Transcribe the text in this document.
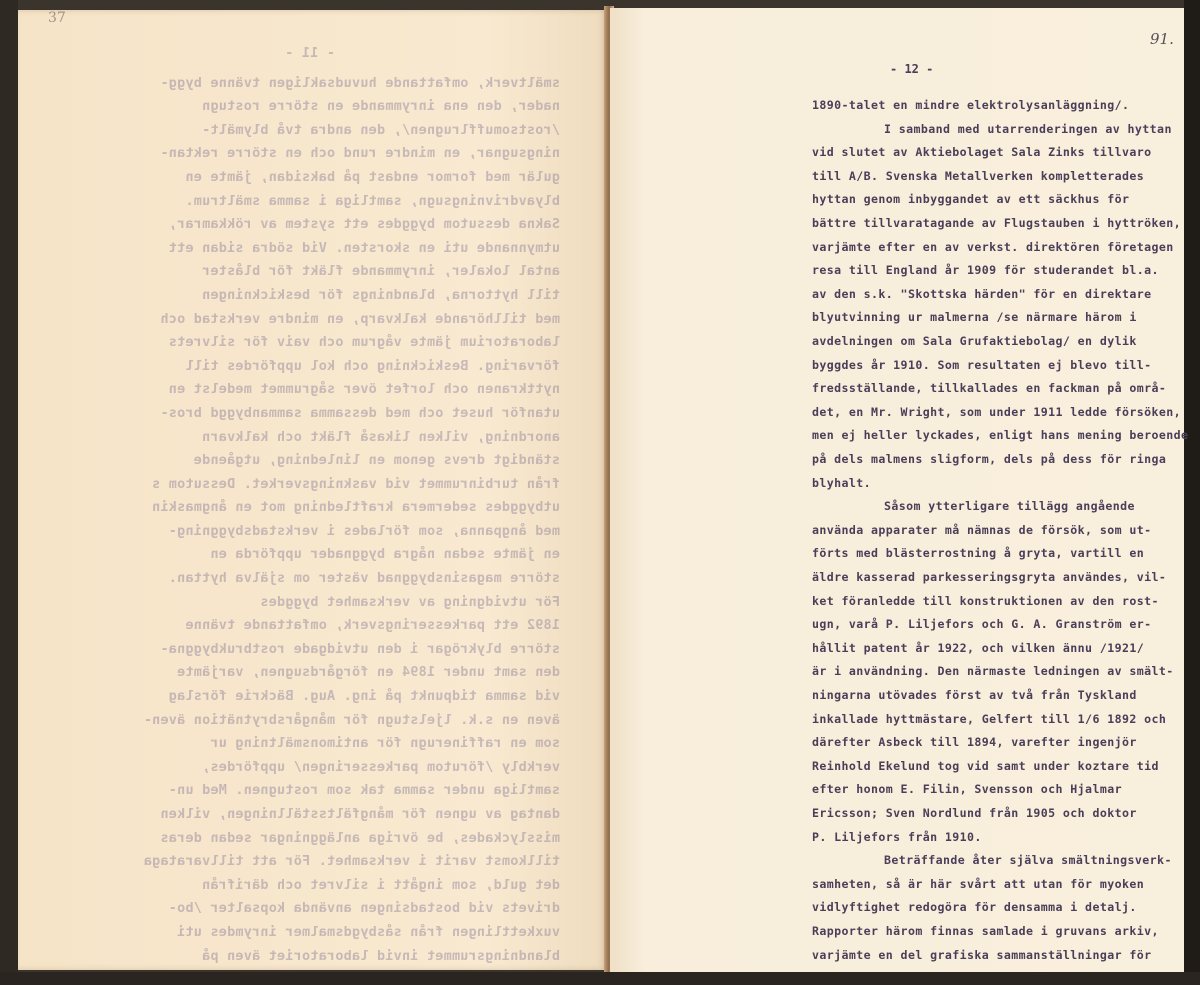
37
- 11 -
smältverk, omfattande huvudsakligen tvänne bygg-
nader, den ena inrymmande en större rostugn
/rostsomufflrugnen/, den andra två blymält-
ningsugnar, en mindre rund och en större rektan-
gulär med formor endast på baksidan, jämte en
blyavdrivningsugn, samtliga i samma smältrum.
Sakna dessutom byggdes ett system av rökkamrar,
utmynnande uti en skorsten. Vid södra sidan ett
antal lokaler, inrymmande fläkt för blåster
till hyttorna, blandnings för beskickningen
med tillhörande kalkvarp, en mindre verkstad och
laboratorium jämte vågrum och vaiv för silvrets
förvaring. Beskickning och kol uppfördes till
nyttkranen och lorfet över sågrummet medelst en
utanför huset och med dessamma sammanbyggd bros-
anordning, vilken likaså fläkt och kalkvarn
ständigt drevs genom en linledning, utgående
från turbinrummet vid vaskningsverket. Dessutom s
utbyggdes sedermera kraftledning mot en ångmaskin
med ångpanna, som förlades i verkstadsbyggning-
en jämte sedan några byggnader uppförda en
större magasinsbyggnad väster om själva hyttan.
För utvidgning av verksamhet byggdes
1892 ett parkesseringsverk, omfattande tvänne
större blykrögar i den utvidgade rostbrukbyggna-
den samt under 1894 en förgårdsugnen, varjämte
vid samma tidpunkt på ing. Aug. Bäckrie förslag
även en s.k. ljelstugn för mångårsbrytnätion även-
som en raffinerugn för antimonsmältning ur
verkbly /förutom parkesseringen/ uppfördes,
samtliga under samma tak som rostugnen. Med un-
dantag av ugnen för mångfältsställningen, vilken
misslyckades, be övriga anläggningar sedan deras
tillkomst varit i verksamhet. För att tillvarataga
det guld, som ingått i silvret och därifrån
drivets vid bostadsingen använda kopsalter /bo-
vuxkettlingen från såsbygdsmalmer inrymdes uti
blandningsrummet invid laboratoriet även på
- 12 -
91.
1890-talet en mindre elektrolysanläggning/.
I samband med utarrenderingen av hyttan
vid slutet av Aktiebolaget Sala Zinks tillvaro
till A/B. Svenska Metallverken kompletterades
hyttan genom inbyggandet av ett säckhus för
bättre tillvaratagande av Flugstauben i hyttröken,
varjämte efter en av verkst. direktören företagen
resa till England år 1909 för studerandet bl.a.
av den s.k. "Skottska härden" för en direktare
blyutvinning ur malmerna /se närmare härom i
avdelningen om Sala Grufaktiebolag/ en dylik
byggdes år 1910. Som resultaten ej blevo till-
fredsställande, tillkallades en fackman på områ-
det, en Mr. Wright, som under 1911 ledde försöken,
men ej heller lyckades, enligt hans mening beroende
på dels malmens sligform, dels på dess för ringa
blyhalt.
Såsom ytterligare tillägg angående
använda apparater må nämnas de försök, som ut-
förts med blästerrostning å gryta, vartill en
äldre kasserad parkesseringsgryta användes, vil-
ket föranledde till konstruktionen av den rost-
ugn, varå P. Liljefors och G. A. Granström er-
hållit patent år 1922, och vilken ännu /1921/
är i användning. Den närmaste ledningen av smält-
ningarna utövades först av två från Tyskland
inkallade hyttmästare, Gelfert till 1/6 1892 och
därefter Asbeck till 1894, varefter ingenjör
Reinhold Ekelund tog vid samt under koztare tid
efter honom E. Filin, Svensson och Hjalmar
Ericsson; Sven Nordlund från 1905 och doktor
P. Liljefors från 1910.
Beträffande åter själva smältningsverk-
samheten, så är här svårt att utan för myoken
vidlyftighet redogöra för densamma i detalj.
Rapporter härom finnas samlade i gruvans arkiv,
varjämte en del grafiska sammanställningar för
